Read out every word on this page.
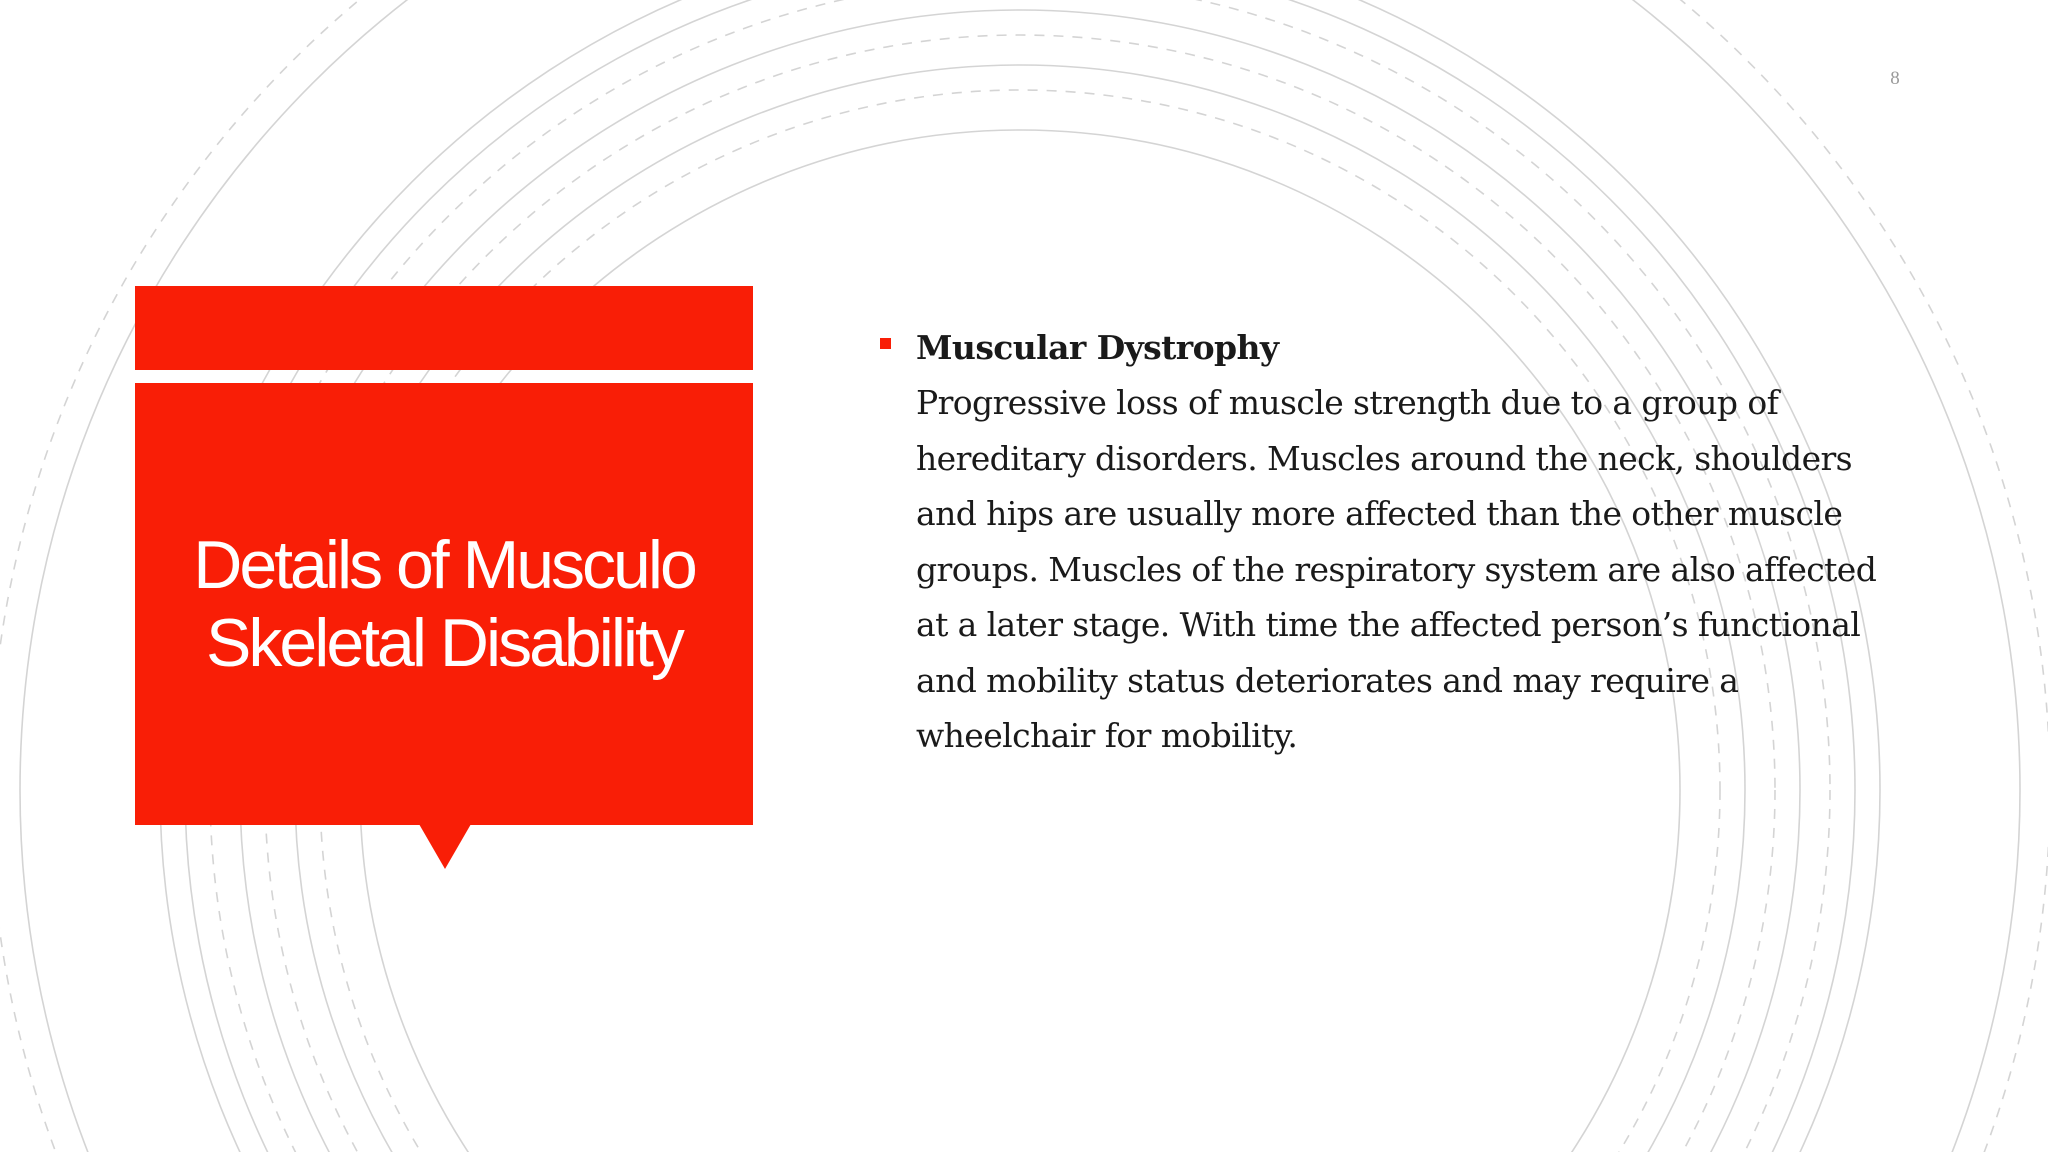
8
Details of Musculo Skeletal Disability
Muscular Dystrophy
Progressive loss of muscle strength due to a group of hereditary disorders. Muscles around the neck, shoulders and hips are usually more affected than the other muscle groups. Muscles of the respiratory system are also affected at a later stage. With time the affected person’s functional and mobility status deteriorates and may require a wheelchair for mobility.
